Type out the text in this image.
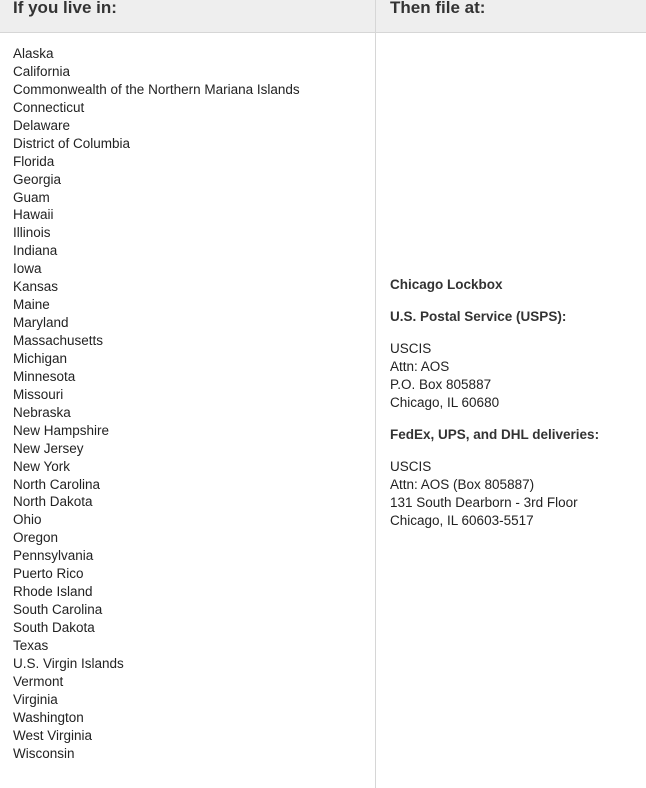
If you live in:	Then file at:
Alaska
California
Commonwealth of the Northern Mariana Islands
Connecticut
Delaware
District of Columbia
Florida
Georgia
Guam
Hawaii
Illinois
Indiana
Iowa
Kansas
Maine
Maryland
Massachusetts
Michigan
Minnesota
Missouri
Nebraska
New Hampshire
New Jersey
New York
North Carolina
North Dakota
Ohio
Oregon
Pennsylvania
Puerto Rico
Rhode Island
South Carolina
South Dakota
Texas
U.S. Virgin Islands
Vermont
Virginia
Washington
West Virginia
Wisconsin

Chicago Lockbox

U.S. Postal Service (USPS):

USCIS
Attn: AOS
P.O. Box 805887
Chicago, IL 60680

FedEx, UPS, and DHL deliveries:

USCIS
Attn: AOS (Box 805887)
131 South Dearborn - 3rd Floor
Chicago, IL 60603-5517
